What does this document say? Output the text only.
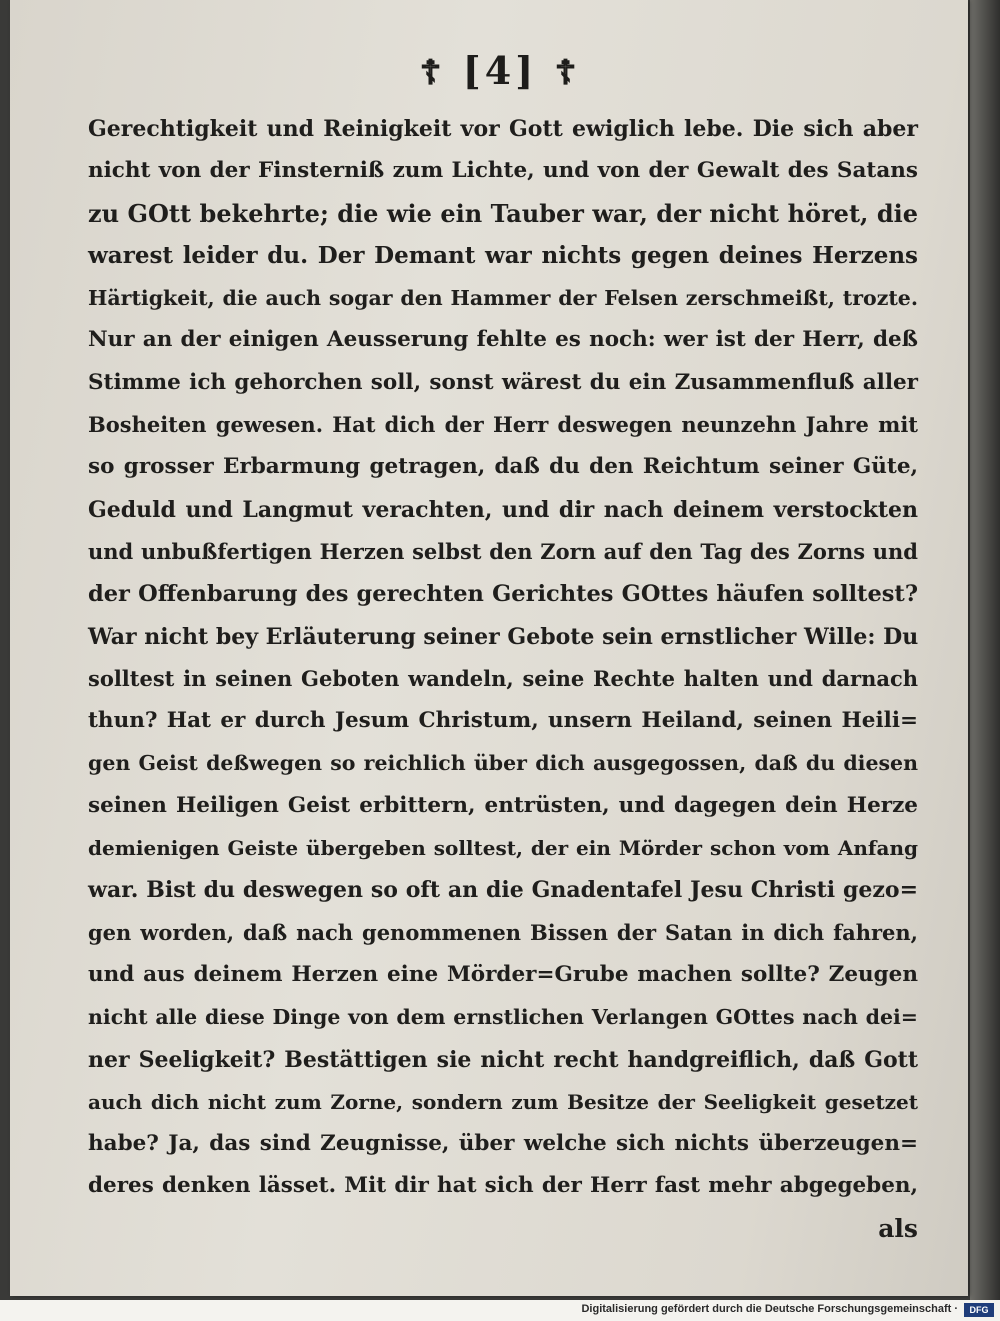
☦ [4] ☦
Gerechtigkeit und Reinigkeit vor Gott ewiglich lebe. Die sich aber
nicht von der Finsterniß zum Lichte, und von der Gewalt des Satans
zu GOtt bekehrte; die wie ein Tauber war, der nicht höret, die
warest leider du. Der Demant war nichts gegen deines Herzens
Härtigkeit, die auch sogar den Hammer der Felsen zerschmeißt, trozte.
Nur an der einigen Aeusserung fehlte es noch: wer ist der Herr, deß
Stimme ich gehorchen soll, sonst wärest du ein Zusammenfluß aller
Bosheiten gewesen. Hat dich der Herr deswegen neunzehn Jahre mit
so grosser Erbarmung getragen, daß du den Reichtum seiner Güte,
Geduld und Langmut verachten, und dir nach deinem verstockten
und unbußfertigen Herzen selbst den Zorn auf den Tag des Zorns und
der Offenbarung des gerechten Gerichtes GOttes häufen solltest?
War nicht bey Erläuterung seiner Gebote sein ernstlicher Wille: Du
solltest in seinen Geboten wandeln, seine Rechte halten und darnach
thun? Hat er durch Jesum Christum, unsern Heiland, seinen Heili=
gen Geist deßwegen so reichlich über dich ausgegossen, daß du diesen
seinen Heiligen Geist erbittern, entrüsten, und dagegen dein Herze
demienigen Geiste übergeben solltest, der ein Mörder schon vom Anfang
war. Bist du deswegen so oft an die Gnadentafel Jesu Christi gezo=
gen worden, daß nach genommenen Bissen der Satan in dich fahren,
und aus deinem Herzen eine Mörder=Grube machen sollte? Zeugen
nicht alle diese Dinge von dem ernstlichen Verlangen GOttes nach dei=
ner Seeligkeit? Bestättigen sie nicht recht handgreiflich, daß Gott
auch dich nicht zum Zorne, sondern zum Besitze der Seeligkeit gesetzet
habe? Ja, das sind Zeugnisse, über welche sich nichts überzeugen=
deres denken lässet. Mit dir hat sich der Herr fast mehr abgegeben,
als
Digitalisierung gefördert durch die Deutsche Forschungsgemeinschaft ·	DFG
